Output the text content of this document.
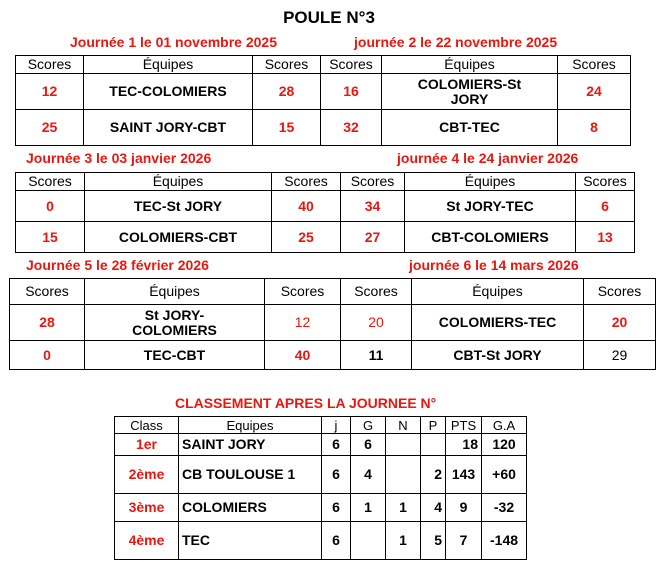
POULE N°3
Journée 1 le 01 novembre 2025	journée 2 le 22 novembre 2025
Scores	Équipes	Scores	Scores	Équipes	Scores
12	TEC-COLOMIERS	28	16	COLOMIERS-St JORY	24
25	SAINT JORY-CBT	15	32	CBT-TEC	8
Journée 3 le 03 janvier 2026	journée 4 le 24 janvier 2026
Scores	Équipes	Scores	Scores	Équipes	Scores
0	TEC-St JORY	40	34	St JORY-TEC	6
15	COLOMIERS-CBT	25	27	CBT-COLOMIERS	13
Journée 5 le 28 février 2026	journée 6 le 14 mars 2026
Scores	Équipes	Scores	Scores	Équipes	Scores
28	St JORY-COLOMIERS	12	20	COLOMIERS-TEC	20
0	TEC-CBT	40	11	CBT-St JORY	29
CLASSEMENT APRES LA JOURNEE N°
Class	Equipes	j	G	N	P	PTS	G.A
1er	SAINT JORY	6	6			18	120
2ème	CB TOULOUSE 1	6	4		2	143	+60
3ème	COLOMIERS	6	1	1	4	9	-32
4ème	TEC	6		1	5	7	-148
